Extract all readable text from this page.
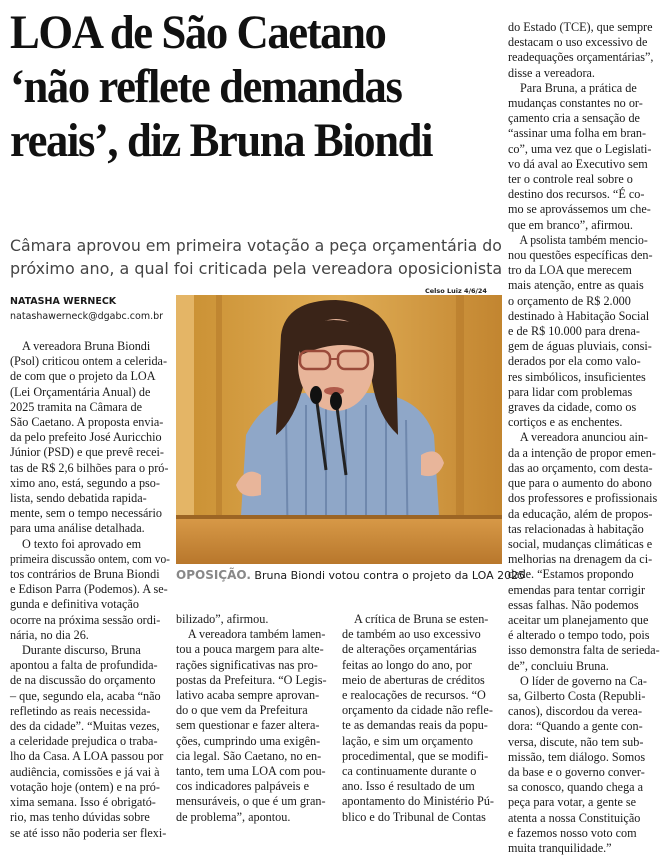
LOA de São Caetano
‘não reflete demandas
reais’, diz Bruna Biondi
Câmara aprovou em primeira votação a peça orçamentária do
próximo ano, a qual foi criticada pela vereadora oposicionista
NATASHA WERNECK
natashawerneck@dgabc.com.br
Celso Luiz 4/6/24
OPOSIÇÃO. Bruna Biondi votou contra o projeto da LOA 2025
A vereadora Bruna Biondi
(Psol) criticou ontem a celerida-
de com que o projeto da LOA
(Lei Orçamentária Anual) de
2025 tramita na Câmara de
São Caetano. A proposta envia-
da pelo prefeito José Auricchio
Júnior (PSD) e que prevê recei-
tas de R$ 2,6 bilhões para o pró-
ximo ano, está, segundo a pso-
lista, sendo debatida rapida-
mente, sem o tempo necessário
para uma análise detalhada.
O texto foi aprovado em
primeira discussão ontem, com vo-
tos contrários de Bruna Biondi
e Edison Parra (Podemos). A se-
gunda e definitiva votação
ocorre na próxima sessão ordi-
nária, no dia 26.
Durante discurso, Bruna
apontou a falta de profundida-
de na discussão do orçamento
– que, segundo ela, acaba “não
refletindo as reais necessida-
des da cidade”. “Muitas vezes,
a celeridade prejudica o traba-
lho da Casa. A LOA passou por
audiência, comissões e já vai à
votação hoje (ontem) e na pró-
xima semana. Isso é obrigató-
rio, mas tenho dúvidas sobre
se até isso não poderia ser flexi-
bilizado”, afirmou.
A vereadora também lamen-
tou a pouca margem para alte-
rações significativas nas pro-
postas da Prefeitura. “O Legis-
lativo acaba sempre aprovan-
do o que vem da Prefeitura
sem questionar e fazer altera-
ções, cumprindo uma exigên-
cia legal. São Caetano, no en-
tanto, tem uma LOA com pou-
cos indicadores palpáveis e
mensuráveis, o que é um gran-
de problema”, apontou.
A crítica de Bruna se esten-
de também ao uso excessivo
de alterações orçamentárias
feitas ao longo do ano, por
meio de aberturas de créditos
e realocações de recursos. “O
orçamento da cidade não refle-
te as demandas reais da popu-
lação, e sim um orçamento
procedimental, que se modifi-
ca continuamente durante o
ano. Isso é resultado de um
apontamento do Ministério Pú-
blico e do Tribunal de Contas
do Estado (TCE), que sempre
destacam o uso excessivo de
readequações orçamentárias”,
disse a vereadora.
Para Bruna, a prática de
mudanças constantes no or-
çamento cria a sensação de
“assinar uma folha em bran-
co”, uma vez que o Legislati-
vo dá aval ao Executivo sem
ter o controle real sobre o
destino dos recursos. “É co-
mo se aprovássemos um che-
que em branco”, afirmou.
A psolista também mencio-
nou questões específicas den-
tro da LOA que merecem
mais atenção, entre as quais
o orçamento de R$ 2.000
destinado à Habitação Social
e de R$ 10.000 para drena-
gem de águas pluviais, consi-
derados por ela como valo-
res simbólicos, insuficientes
para lidar com problemas
graves da cidade, como os
cortiços e as enchentes.
A vereadora anunciou ain-
da a intenção de propor emen-
das ao orçamento, com desta-
que para o aumento do abono
dos professores e profissionais
da educação, além de propos-
tas relacionadas à habitação
social, mudanças climáticas e
melhorias na drenagem da ci-
dade. “Estamos propondo
emendas para tentar corrigir
essas falhas. Não podemos
aceitar um planejamento que
é alterado o tempo todo, pois
isso demonstra falta de serieda-
de”, concluiu Bruna.
O líder de governo na Ca-
sa, Gilberto Costa (Republi-
canos), discordou da verea-
dora: “Quando a gente con-
versa, discute, não tem sub-
missão, tem diálogo. Somos
da base e o governo conver-
sa conosco, quando chega a
peça para votar, a gente se
atenta a nossa Constituição
e fazemos nosso voto com
muita tranquilidade.”
